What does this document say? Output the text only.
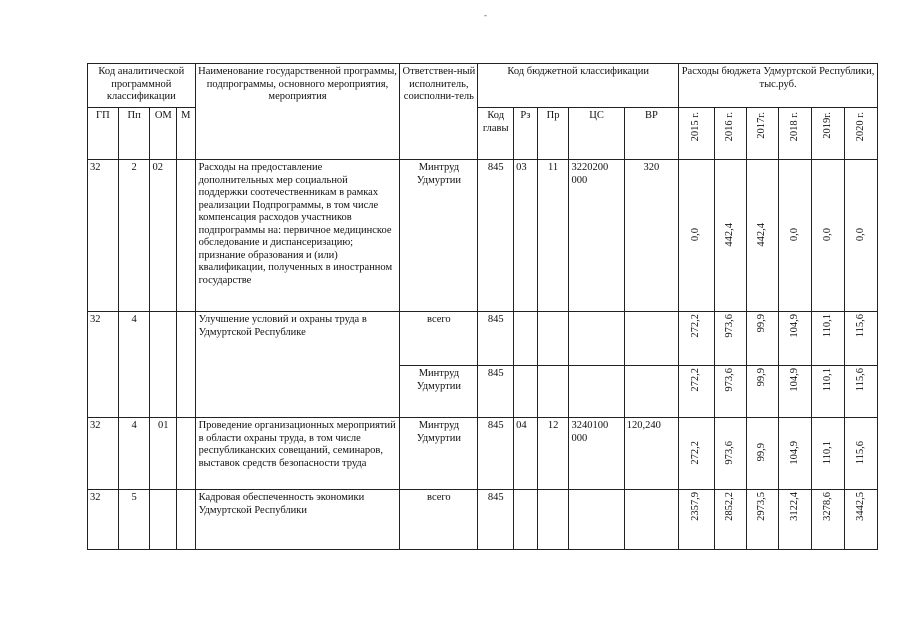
-
Код аналитической программной классификации				Наименование государственной программы, подпрограммы, основного мероприятия, мероприятия	Ответствен-ный исполнитель, соисполни-тель	Код бюджетной классификации					Расходы бюджета Удмуртской Республики, тыс.руб.					
ГП	Пп	ОМ	М			Код главы	Рз	Пр	ЦС	ВР	2015 г.	2016 г.	2017г.	2018 г.	2019г.	2020 г.

32	2	02		Расходы на предоставление дополнительных мер социальной поддержки соотечественникам в рамках реализации Подпрограммы, в том числе компенсация расходов участников подпрограммы на: первичное медицинское обследование и диспансеризацию; признание образования и (или) квалификации, полученных в иностранном государстве	Минтруд Удмуртии	845	03	11	3220200 000	320	0,0	442,4	442,4	0,0	0,0	0,0

32	4			Улучшение условий и охраны труда в Удмуртской Республике	всего	845					272,2	973,6	99,9	104,9	110,1	115,6

					Минтруд Удмуртии	845					272,2	973,6	99,9	104,9	110,1	115,6

32	4	01		Проведение организационных мероприятий в области охраны труда, в том числе республиканских совещаний, семинаров, выставок средств безопасности труда	Минтруд Удмуртии	845	04	12	3240100 000	120,240	272,2	973,6	99,9	104,9	110,1	115,6

32	5			Кадровая обеспеченность экономики Удмуртской Республики	всего	845					2357,9	2852,2	2973,5	3122,4	3278,6	3442,5
